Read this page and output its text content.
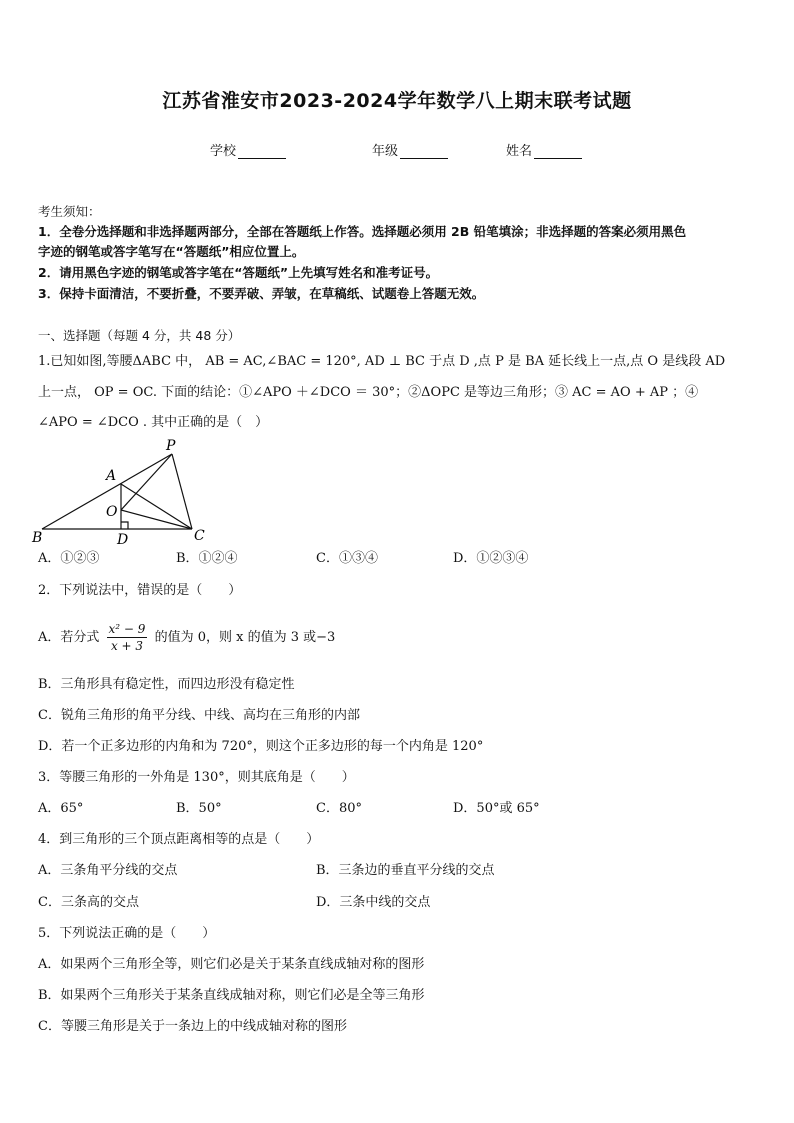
江苏省淮安市2023-2024学年数学八上期末联考试题
学校	年级	姓名
考生须知：
1．全卷分选择题和非选择题两部分，全部在答题纸上作答。选择题必须用 2B 铅笔填涂；非选择题的答案必须用黑色
字迹的钢笔或答字笔写在“答题纸”相应位置上。
2．请用黑色字迹的钢笔或答字笔在“答题纸”上先填写姓名和准考证号。
3．保持卡面清洁，不要折叠，不要弄破、弄皱，在草稿纸、试题卷上答题无效。
一、选择题（每题 4 分，共 48 分）
1.已知如图,等腰ΔABC 中， AB = AC,∠BAC = 120°, AD ⊥ BC 于点 D ,点 P 是 BA 延长线上一点,点 O 是线段 AD
上一点， OP = OC. 下面的结论：①∠APO ＋∠DCO ＝ 30°；②ΔOPC 是等边三角形；③ AC = AO + AP ；④
∠APO = ∠DCO . 其中正确的是（　）
P
A
O
B	D	C
A．①②③	B．①②④	C．①③④	D．①②③④
2．下列说法中，错误的是（　　）
A．若分式 $\frac{\text{x² − 9}}{x + 3}$ 的值为 0，则 x 的值为 3 或−3
B．三角形具有稳定性，而四边形没有稳定性
C．锐角三角形的角平分线、中线、高均在三角形的内部
D．若一个正多边形的内角和为 720°，则这个正多边形的每一个内角是 120°
3．等腰三角形的一外角是 130°，则其底角是（　　）
A．65°	B．50°	C．80°	D．50°或 65°
4．到三角形的三个顶点距离相等的点是（　　）
A．三条角平分线的交点	B．三条边的垂直平分线的交点
C．三条高的交点	D．三条中线的交点
5．下列说法正确的是（　　）
A．如果两个三角形全等，则它们必是关于某条直线成轴对称的图形
B．如果两个三角形关于某条直线成轴对称，则它们必是全等三角形
C．等腰三角形是关于一条边上的中线成轴对称的图形
